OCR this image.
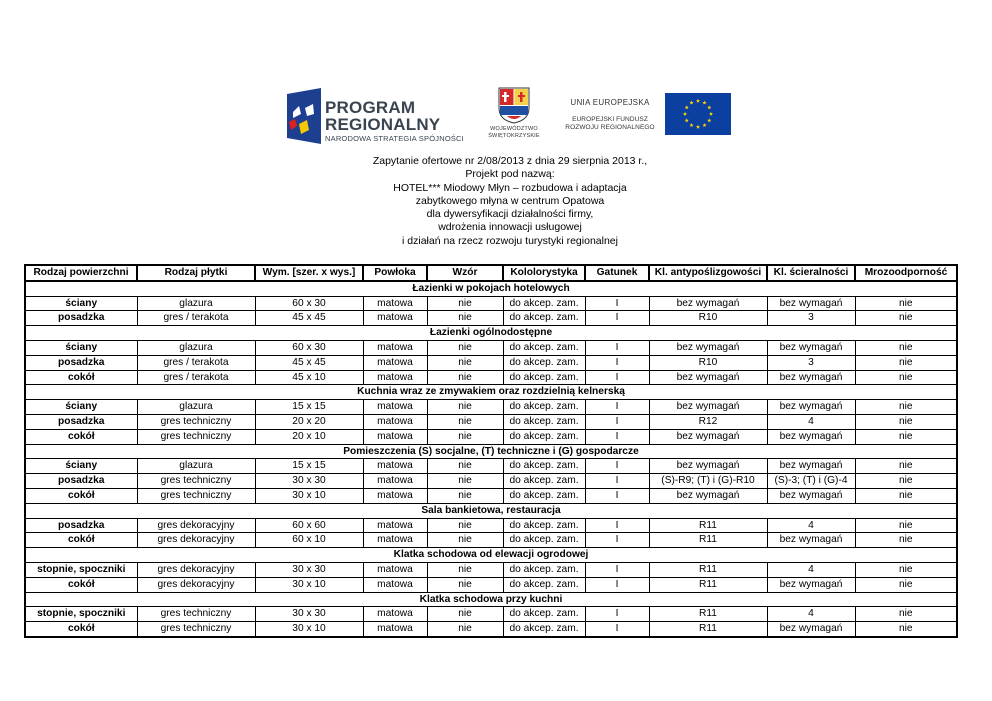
PROGRAM
REGIONALNY
NARODOWA STRATEGIA SPÓJNOŚCI
WOJEWÓDZTWO
ŚWIĘTOKRZYSKIE
UNIA EUROPEJSKA
EUROPEJSKI FUNDUSZ
ROZWOJU REGIONALNEGO
Zapytanie ofertowe nr 2/08/2013 z dnia 29 sierpnia 2013 r.,
Projekt pod nazwą:
HOTEL*** Miodowy Młyn – rozbudowa i adaptacja
zabytkowego młyna w centrum Opatowa
dla dywersyfikacji działalności firmy,
wdrożenia innowacji usługowej
i działań na rzecz rozwoju turystyki regionalnej
Rodzaj powierzchni	Rodzaj płytki	Wym. [szer. x wys.]	Powłoka	Wzór	Kololorystyka	Gatunek	Kl. antypoślizgowości	Kl. ścieralności	Mrozoodporność
Łazienki w pokojach hotelowych									
ściany	glazura	60 x 30	matowa	nie	do akcep. zam.	I	bez wymagań	bez wymagań	nie
posadzka	gres / terakota	45 x 45	matowa	nie	do akcep. zam.	I	R10	3	nie
Łazienki ogólnodostępne									
ściany	glazura	60 x 30	matowa	nie	do akcep. zam.	I	bez wymagań	bez wymagań	nie
posadzka	gres / terakota	45 x 45	matowa	nie	do akcep. zam.	I	R10	3	nie
cokół	gres / terakota	45 x 10	matowa	nie	do akcep. zam.	I	bez wymagań	bez wymagań	nie
Kuchnia wraz ze zmywakiem oraz rozdzielnią kelnerską									
ściany	glazura	15 x 15	matowa	nie	do akcep. zam.	I	bez wymagań	bez wymagań	nie
posadzka	gres techniczny	20 x 20	matowa	nie	do akcep. zam.	I	R12	4	nie
cokół	gres techniczny	20 x 10	matowa	nie	do akcep. zam.	I	bez wymagań	bez wymagań	nie
Pomieszczenia (S) socjalne, (T) techniczne i (G) gospodarcze									
ściany	glazura	15 x 15	matowa	nie	do akcep. zam.	I	bez wymagań	bez wymagań	nie
posadzka	gres techniczny	30 x 30	matowa	nie	do akcep. zam.	I	(S)-R9; (T) i (G)-R10	(S)-3; (T) i (G)-4	nie
cokół	gres techniczny	30 x 10	matowa	nie	do akcep. zam.	I	bez wymagań	bez wymagań	nie
Sala bankietowa, restauracja									
posadzka	gres dekoracyjny	60 x 60	matowa	nie	do akcep. zam.	I	R11	4	nie
cokół	gres dekoracyjny	60 x 10	matowa	nie	do akcep. zam.	I	R11	bez wymagań	nie
Klatka schodowa od elewacji ogrodowej									
stopnie, spoczniki	gres dekoracyjny	30 x 30	matowa	nie	do akcep. zam.	I	R11	4	nie
cokół	gres dekoracyjny	30 x 10	matowa	nie	do akcep. zam.	I	R11	bez wymagań	nie
Klatka schodowa przy kuchni									
stopnie, spoczniki	gres techniczny	30 x 30	matowa	nie	do akcep. zam.	I	R11	4	nie
cokół	gres techniczny	30 x 10	matowa	nie	do akcep. zam.	I	R11	bez wymagań	nie
